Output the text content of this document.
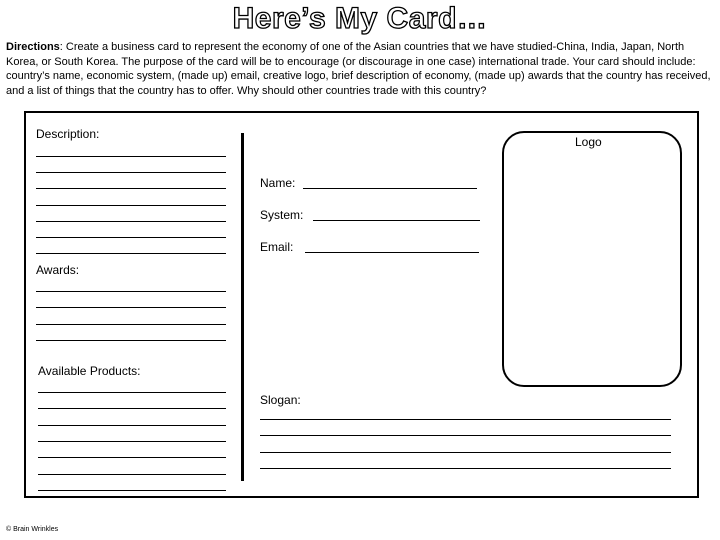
Here’s My Card…
Directions: Create a business card to represent the economy of one of the Asian countries that we have studied-China, India, Japan, North Korea, or South Korea. The purpose of the card will be to encourage (or discourage in one case) international trade. Your card should include: country’s name, economic system, (made up) email, creative logo, brief description of economy, (made up) awards that the country has received, and a list of things that the country has to offer. Why should other countries trade with this country?
Description:
Awards:
Available Products:
Name:
System:
Email:
Logo
Slogan:
© Brain Wrinkles
